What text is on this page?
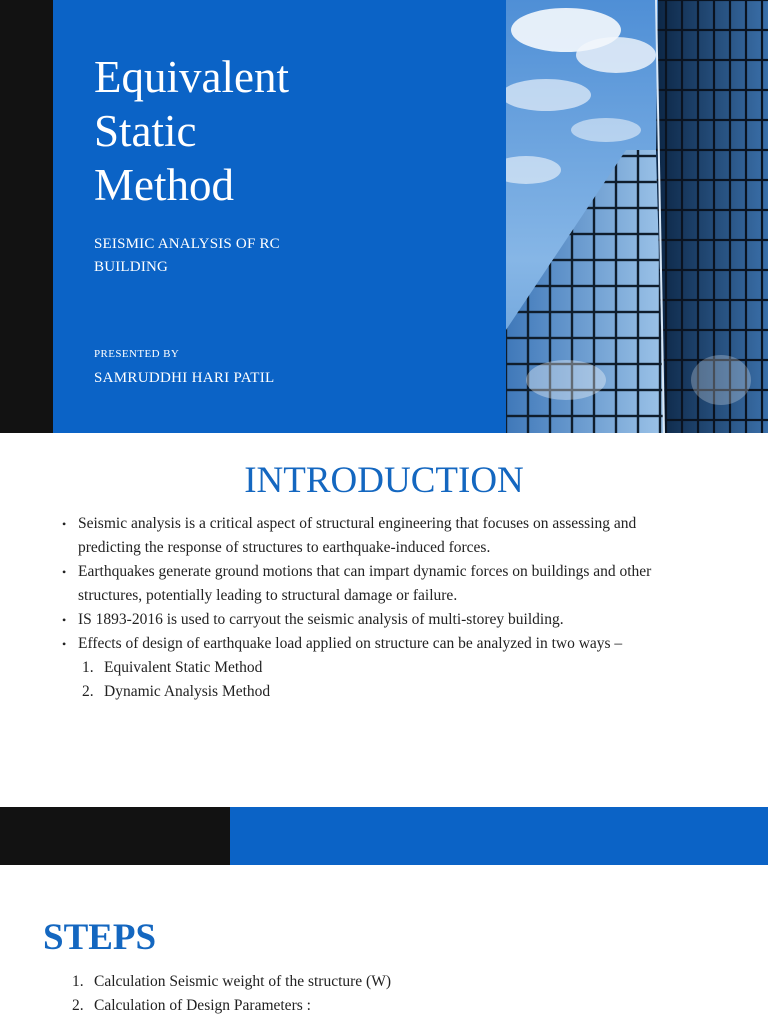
Equivalent
Static
Method
SEISMIC ANALYSIS OF RC
BUILDING
PRESENTED BY
SAMRUDDHI HARI PATIL
INTRODUCTION
• Seismic analysis is a critical aspect of structural engineering that focuses on assessing and predicting the response of structures to earthquake-induced forces.
• Earthquakes generate ground motions that can impart dynamic forces on buildings and other structures, potentially leading to structural damage or failure.
• IS 1893-2016 is used to carryout the seismic analysis of multi-storey building.
• Effects of design of earthquake load applied on structure can be analyzed in two ways –
1. Equivalent Static Method
2. Dynamic Analysis Method
STEPS
1. Calculation Seismic weight of the structure (W)
2. Calculation of Design Parameters :
